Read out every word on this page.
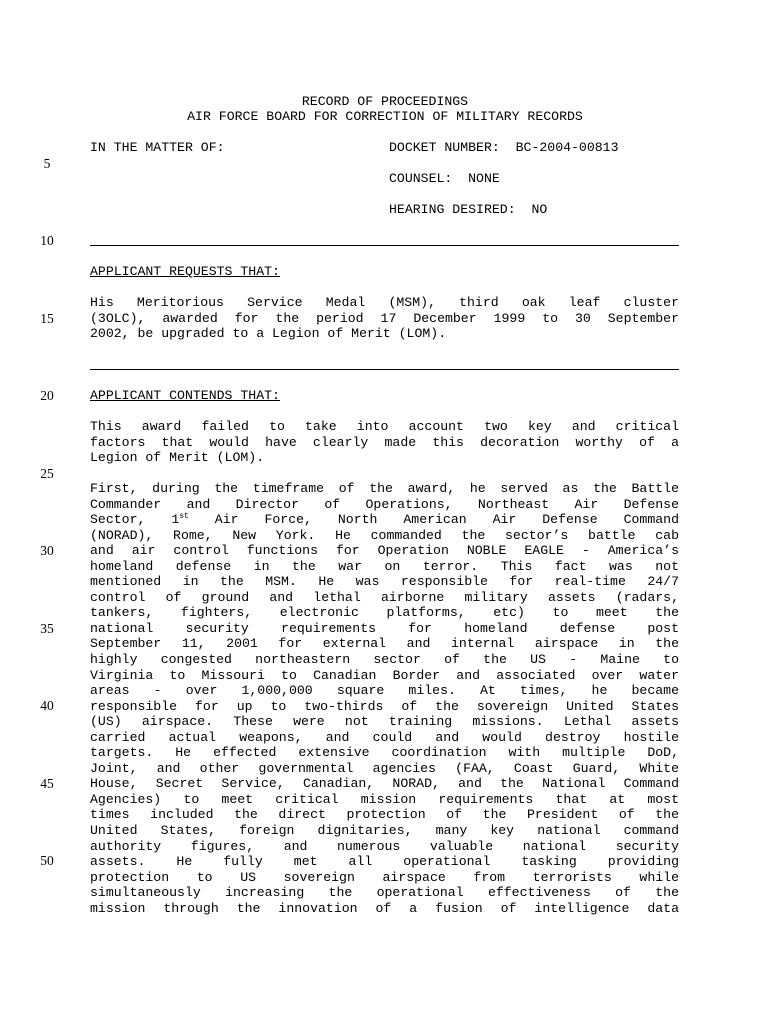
5
10
15
20
25
30
35
40
45
50
RECORD OF PROCEEDINGS
AIR FORCE BOARD FOR CORRECTION OF MILITARY RECORDS
IN THE MATTER OF:	DOCKET NUMBER: BC-2004-00813
COUNSEL: NONE
HEARING DESIRED: NO
APPLICANT REQUESTS THAT:
His Meritorious Service Medal (MSM), third oak leaf cluster
(3OLC), awarded for the period 17 December 1999 to 30 September
2002, be upgraded to a Legion of Merit (LOM).
APPLICANT CONTENDS THAT:
This award failed to take into account two key and critical
factors that would have clearly made this decoration worthy of a
Legion of Merit (LOM).
First, during the timeframe of the award, he served as the Battle
Commander and Director of Operations, Northeast Air Defense
Sector, 1st Air Force, North American Air Defense Command
(NORAD), Rome, New York. He commanded the sector’s battle cab
and air control functions for Operation NOBLE EAGLE - America’s
homeland defense in the war on terror. This fact was not
mentioned in the MSM. He was responsible for real-time 24/7
control of ground and lethal airborne military assets (radars,
tankers, fighters, electronic platforms, etc) to meet the
national security requirements for homeland defense post
September 11, 2001 for external and internal airspace in the
highly congested northeastern sector of the US - Maine to
Virginia to Missouri to Canadian Border and associated over water
areas - over 1,000,000 square miles. At times, he became
responsible for up to two-thirds of the sovereign United States
(US) airspace. These were not training missions. Lethal assets
carried actual weapons, and could and would destroy hostile
targets. He effected extensive coordination with multiple DoD,
Joint, and other governmental agencies (FAA, Coast Guard, White
House, Secret Service, Canadian, NORAD, and the National Command
Agencies) to meet critical mission requirements that at most
times included the direct protection of the President of the
United States, foreign dignitaries, many key national command
authority figures, and numerous valuable national security
assets. He fully met all operational tasking providing
protection to US sovereign airspace from terrorists while
simultaneously increasing the operational effectiveness of the
mission through the innovation of a fusion of intelligence data
